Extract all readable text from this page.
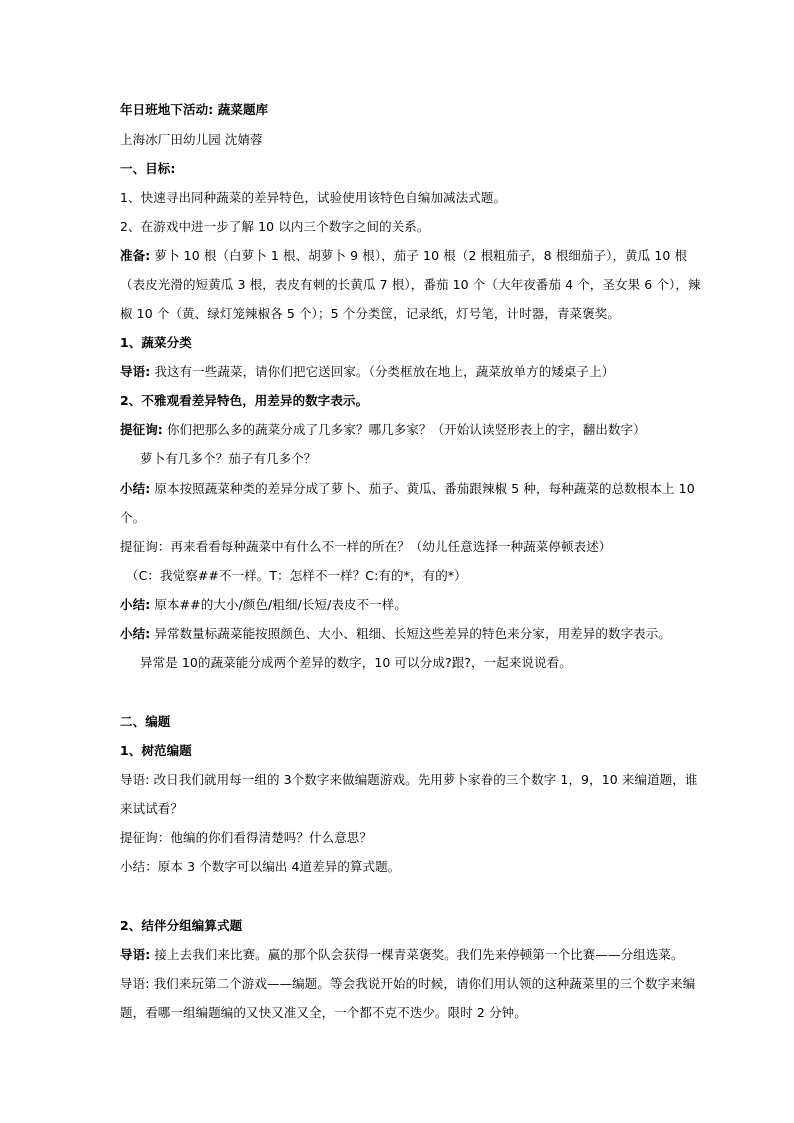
年日班地下活动: 蔬菜题库
上海冰厂田幼儿园 沈婧蓉
一、目标:
1、快速寻出同种蔬菜的差异特色，试验使用该特色自编加减法式题。
2、在游戏中进一步了解 10 以内三个数字之间的关系。
准备: 萝卜 10 根（白萝卜 1 根、胡萝卜 9 根），茄子 10 根（2 根粗茄子，8 根细茄子），黄瓜 10 根
（表皮光滑的短黄瓜 3 根，表皮有刺的长黄瓜 7 根），番茄 10 个（大年夜番茄 4 个，圣女果 6 个），辣
椒 10 个（黄、绿灯笼辣椒各 5 个）；5 个分类筐，记录纸，灯号笔，计时器，青菜褒奖。
1、蔬菜分类
导语: 我这有一些蔬菜，请你们把它送回家。（分类框放在地上，蔬菜放单方的矮桌子上）
2、不雅观看差异特色，用差异的数字表示。
提征询: 你们把那么多的蔬菜分成了几多家？哪几多家？（开始认读竖形表上的字，翻出数字）
萝卜有几多个？茄子有几多个？
小结: 原本按照蔬菜种类的差异分成了萝卜、茄子、黄瓜、番茄跟辣椒 5 种，每种蔬菜的总数根本上 10
个。
提征询：再来看看每种蔬菜中有什么不一样的所在？（幼儿任意选择一种蔬菜停顿表述）
（C：我觉察##不一样。T：怎样不一样？C:有的*，有的*）
小结: 原本##的大小/颜色/粗细/长短/表皮不一样。
小结: 异常数量标蔬菜能按照颜色、大小、粗细、长短这些差异的特色来分家，用差异的数字表示。
异常是 10的蔬菜能分成两个差异的数字，10 可以分成?跟?，一起来说说看。
二、编题
1、树范编题
导语: 改日我们就用每一组的 3个数字来做编题游戏。先用萝卜家眷的三个数字 1，9，10 来编道题，谁
来试试看？
提征询：他编的你们看得清楚吗？什么意思？
小结：原本 3 个数字可以编出 4道差异的算式题。
2、结伴分组编算式题
导语: 接上去我们来比赛。赢的那个队会获得一棵青菜褒奖。我们先来停顿第一个比赛——分组选菜。
导语: 我们来玩第二个游戏——编题。等会我说开始的时候，请你们用认领的这种蔬菜里的三个数字来编
题，看哪一组编题编的又快又准又全，一个都不克不迭少。限时 2 分钟。
